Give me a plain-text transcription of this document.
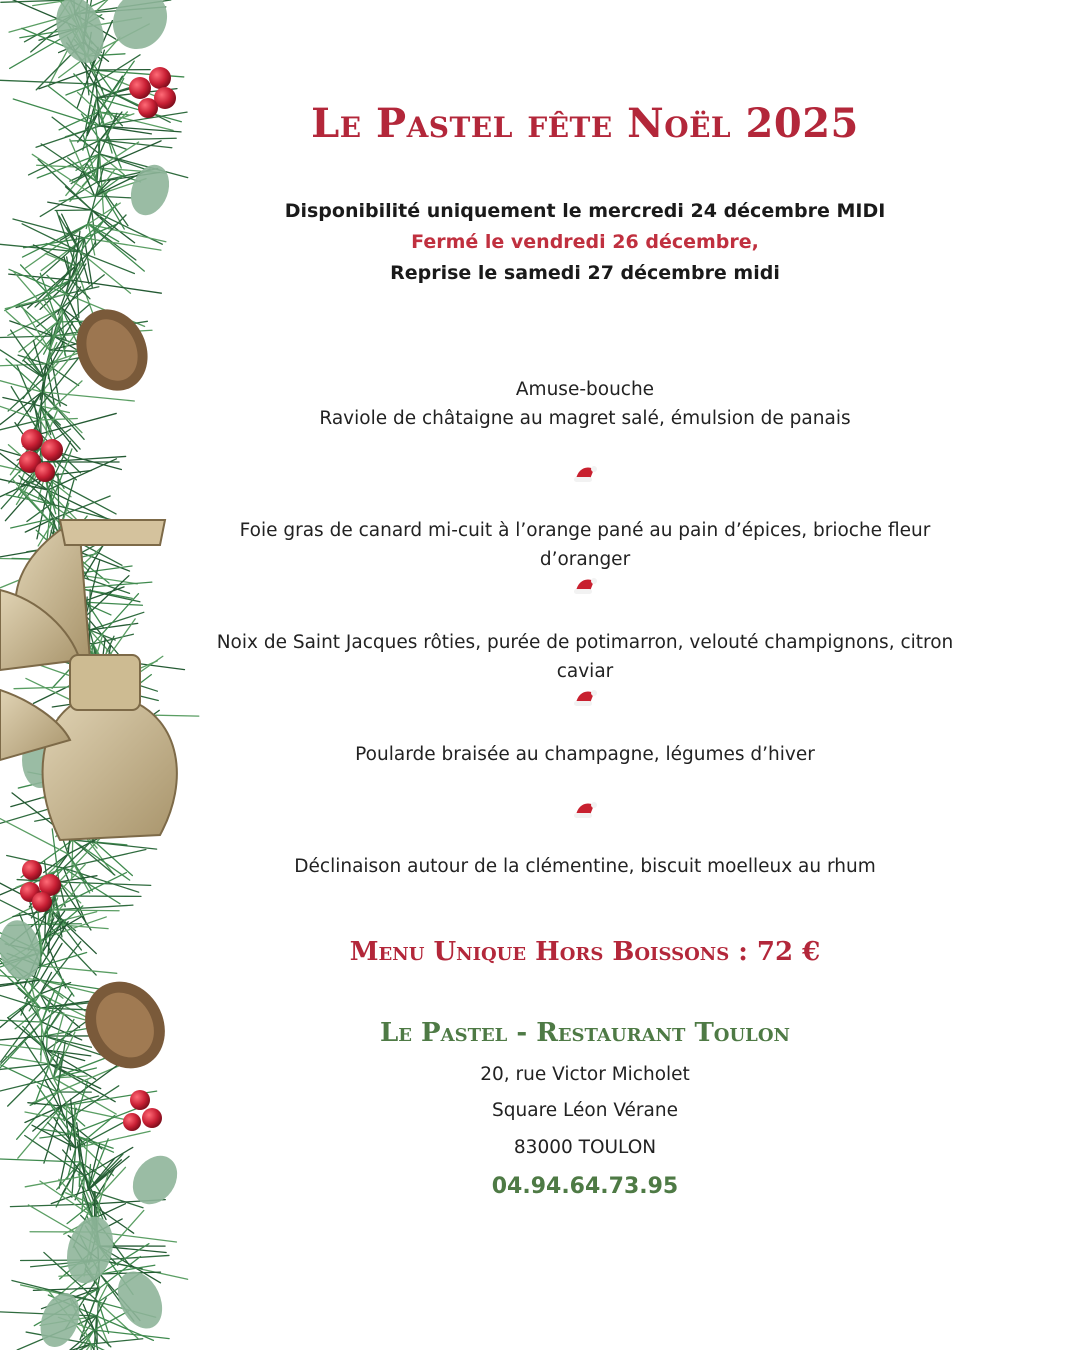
Le Pastel fête Noël 2025
Disponibilité uniquement le mercredi 24 décembre MIDI
Fermé le vendredi 26 décembre,
Reprise le samedi 27 décembre midi
Amuse-bouche
Raviole de châtaigne au magret salé, émulsion de panais
Foie gras de canard mi-cuit à l’orange pané au pain d’épices, brioche fleur d’oranger
Noix de Saint Jacques rôties, purée de potimarron, velouté champignons, citron caviar
Poularde braisée au champagne, légumes d’hiver
Déclinaison autour de la clémentine, biscuit moelleux au rhum
Menu Unique Hors Boissons : 72 €
Le Pastel - Restaurant Toulon
20, rue Victor Micholet
Square Léon Vérane
83000 TOULON
04.94.64.73.95
